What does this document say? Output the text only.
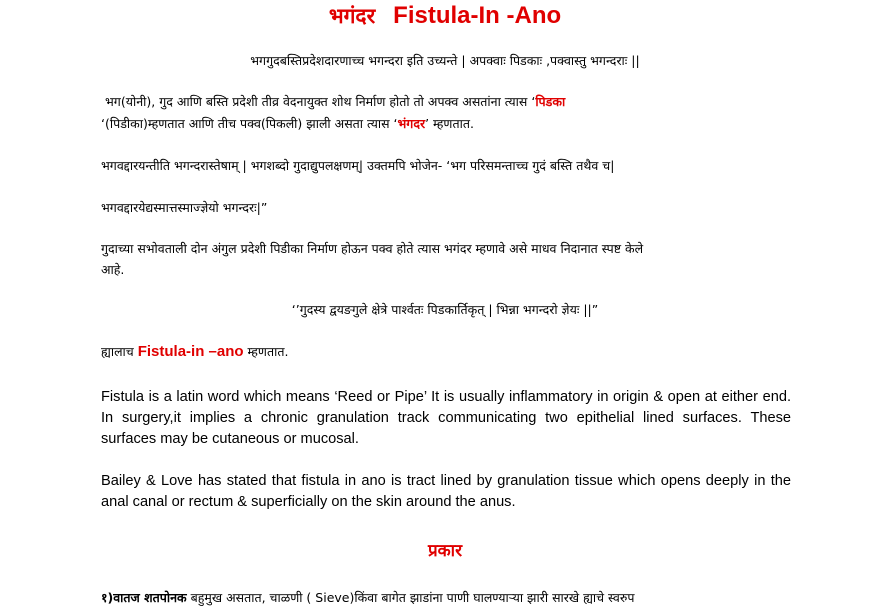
भगंदर Fistula-In -Ano
भगगुदबस्तिप्रदेशदारणाच्च भगन्दरा इति उच्यन्ते | अपक्वाः पिडकाः ,पक्वास्तु भगन्दराः ||
भग(योनी), गुद आणि बस्ति प्रदेशी तीव्र वेदनायुक्त शोथ निर्माण होतो तो अपक्व असतांना त्यास ‘पिडका
‘(पिडीका)म्हणतात आणि तीच पक्व(पिकली) झाली असता त्यास ‘भंगदर’ म्हणतात.
भगवद्दारयन्तीति भगन्दरास्तेषाम् | भगशब्दो गुदाद्युपलक्षणम्| उक्तमपि भोजेन- ‘भग परिसमन्ताच्च गुदं बस्ति तथैव च|
भगवद्दारयेद्यस्मात्तस्माज्ज्ञेयो भगन्दरः|”
गुदाच्या सभोवताली दोन अंगुल प्रदेशी पिडीका निर्माण होऊन पक्व होते त्यास भगंदर म्हणावे असे माधव निदानात स्पष्ट केले
आहे.
‘’गुदस्य द्वयङगुले क्षेत्रे पार्श्वतः पिडकार्तिकृत् | भिन्ना भगन्दरो ज्ञेयः ||”
ह्यालाच Fistula-in –ano म्हणतात.
Fistula is a latin word which means ‘Reed or Pipe’ It is usually inflammatory in origin & open at either end. In surgery,it implies a chronic granulation track communicating two epithelial lined surfaces. These surfaces may be cutaneous or mucosal.
Bailey & Love has stated that fistula in ano is tract lined by granulation tissue which opens deeply in the anal canal or rectum & superficially on the skin around the anus.
प्रकार
१)वातज शतपोनक बहुमुख असतात, चाळणी ( Sieve)किंवा बागेत झाडांना पाणी घालण्याऱ्या झारी सारखे ह्याचे स्वरुप
